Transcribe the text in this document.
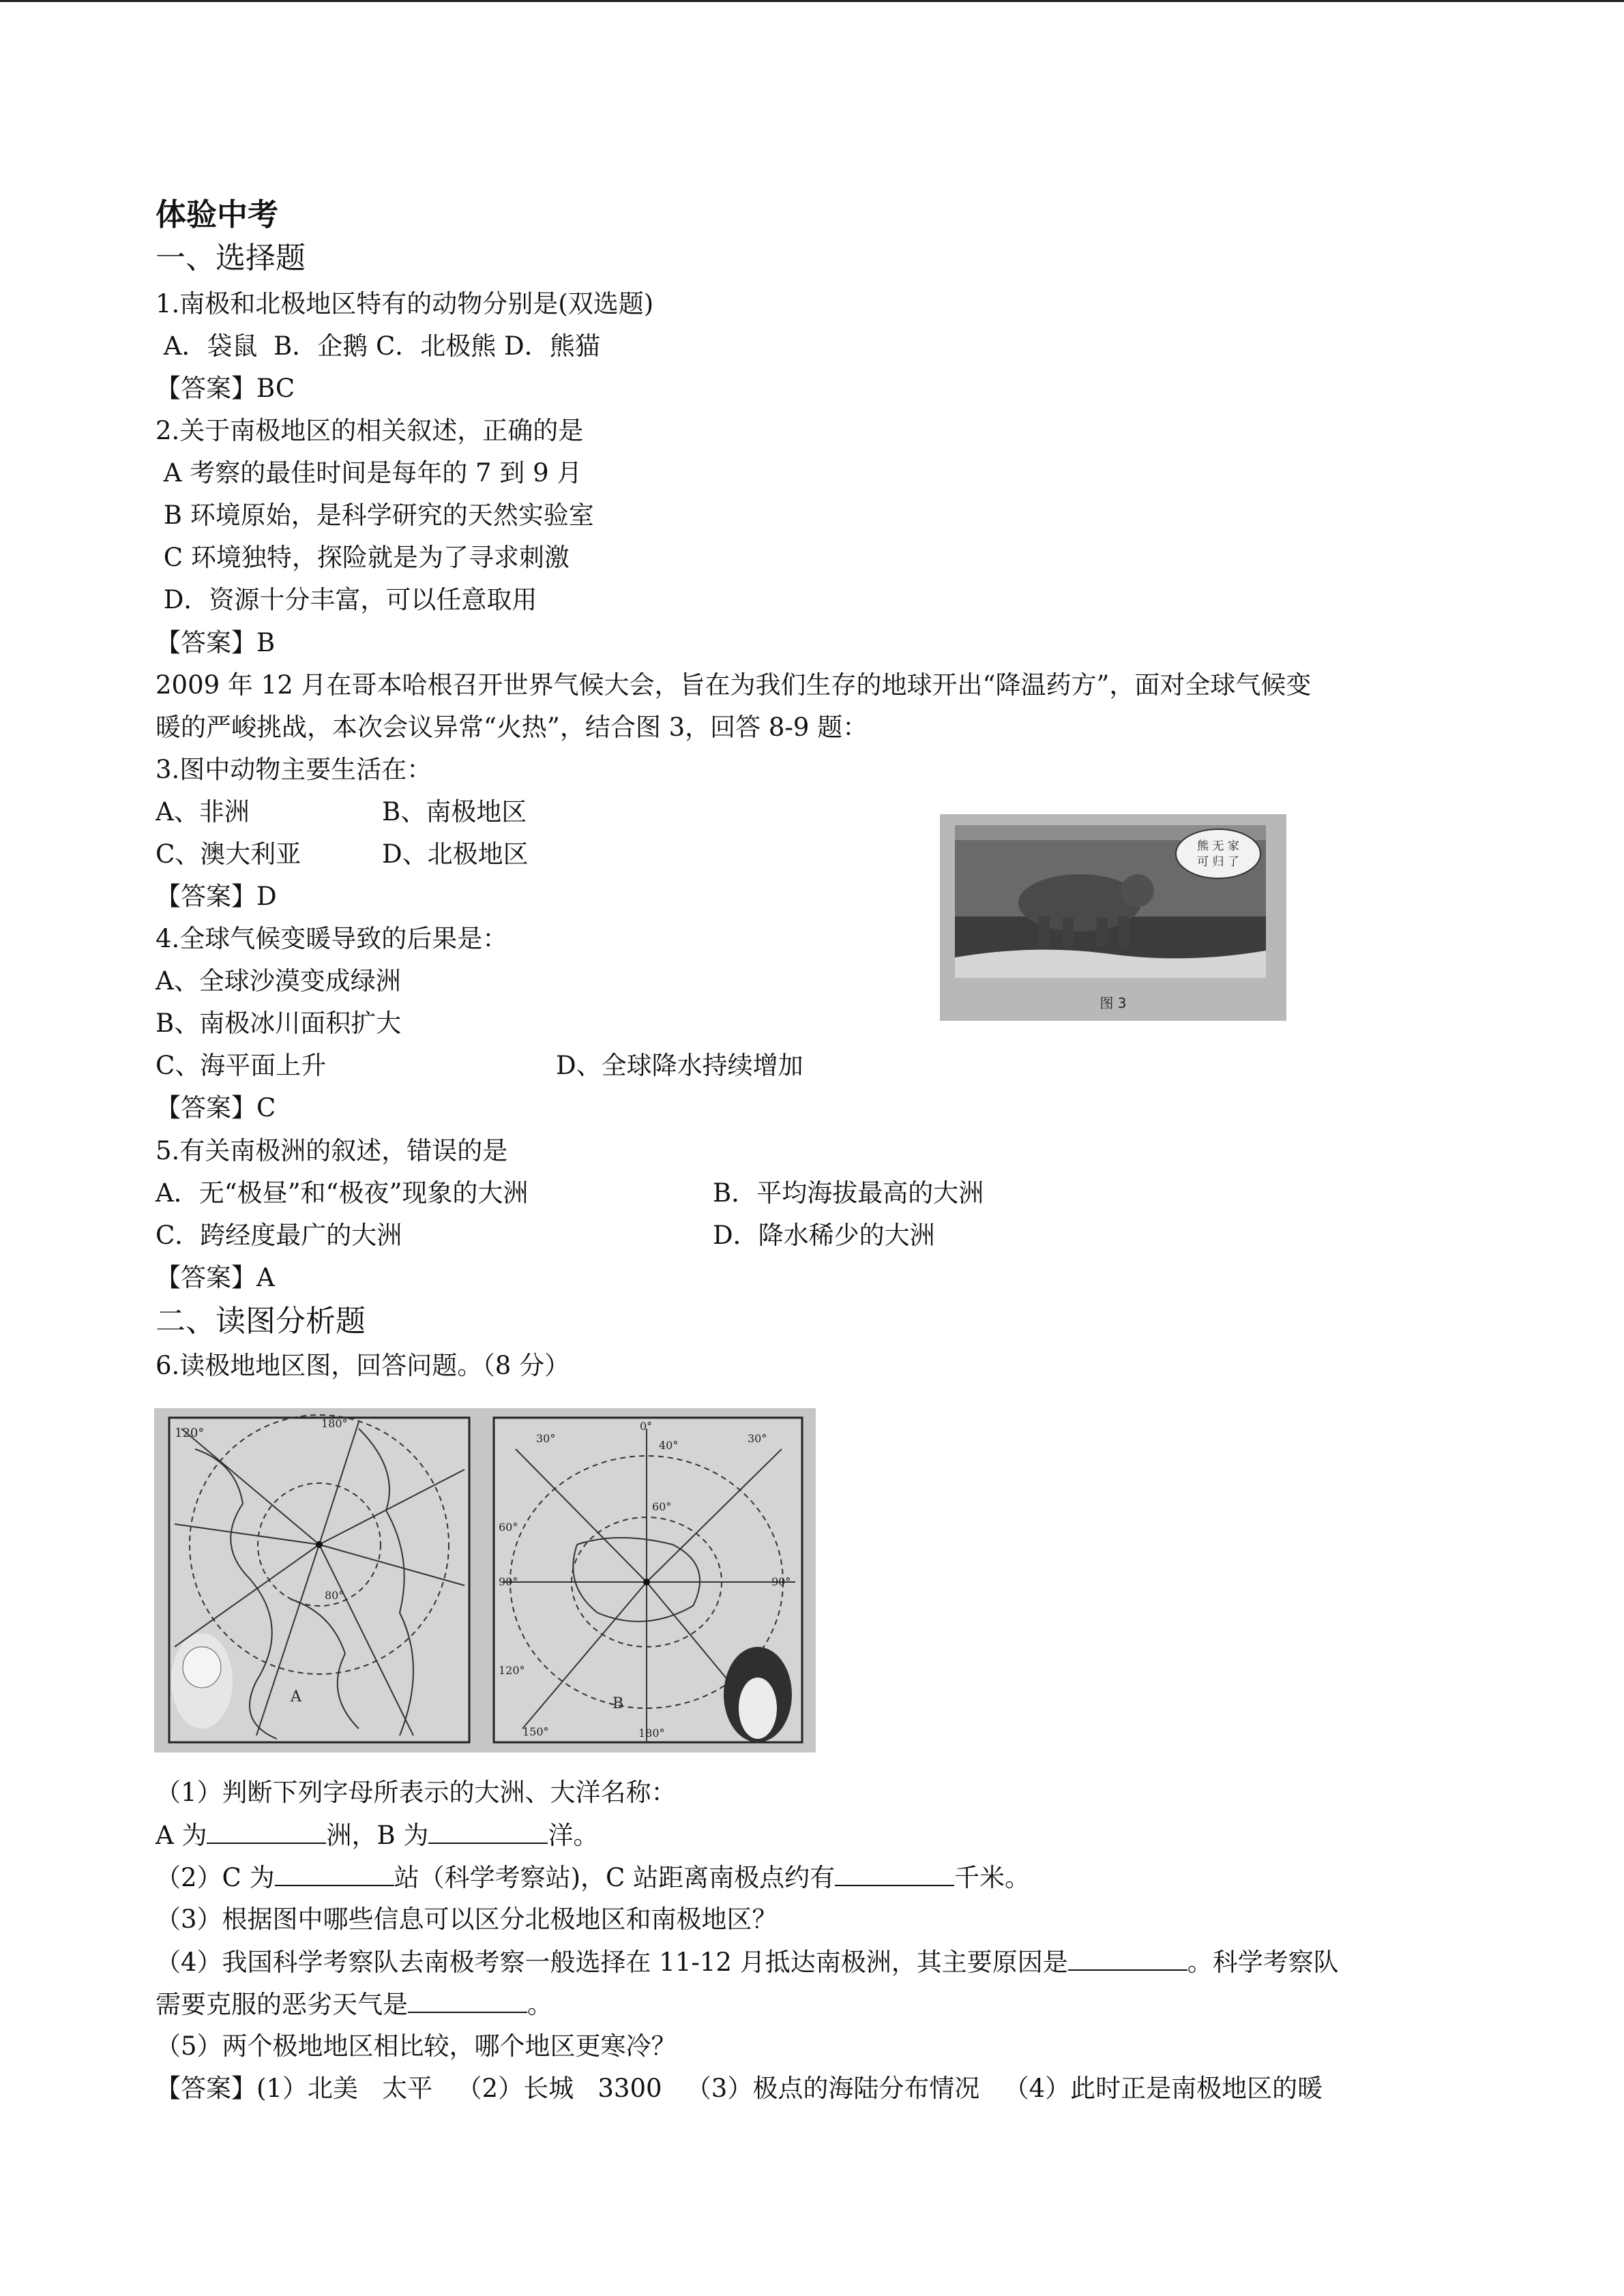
体验中考
一、选择题
1.南极和北极地区特有的动物分别是(双选题)
A．袋鼠  B．企鹅 C．北极熊 D．熊猫
【答案】BC
2.关于南极地区的相关叙述，正确的是
A 考察的最佳时间是每年的 7 到 9 月
B 环境原始，是科学研究的天然实验室
C 环境独特，探险就是为了寻求刺激
D．资源十分丰富，可以任意取用
【答案】B
2009 年 12 月在哥本哈根召开世界气候大会，旨在为我们生存的地球开出“降温药方”，面对全球气候变
暖的严峻挑战，本次会议异常“火热”，结合图 3，回答 8-9 题：
3.图中动物主要生活在：
A、非洲	B、南极地区
C、澳大利亚	D、北极地区
【答案】D
4.全球气候变暖导致的后果是：
A、全球沙漠变成绿洲
B、南极冰川面积扩大
C、海平面上升	D、全球降水持续增加
【答案】C
5.有关南极洲的叙述，错误的是
A．无“极昼”和“极夜”现象的大洲	B．平均海拔最高的大洲
C．跨经度最广的大洲	D．降水稀少的大洲
【答案】A
二、读图分析题
6.读极地地区图，回答问题。（8 分）
熊 无 家
可 归 了
图 3
120°
180°
80°
A
30°
0°
40°
30°
60°
60°
90°	90°
120°
150°	180°
B
（1）判断下列字母所表示的大洲、大洋名称：
A 为	洲，B 为	洋。
（2）C 为	站（科学考察站)，C 站距离南极点约有	千米。
（3）根据图中哪些信息可以区分北极地区和南极地区？
（4）我国科学考察队去南极考察一般选择在 11-12 月抵达南极洲，其主要原因是	。科学考察队
需要克服的恶劣天气是	。
（5）两个极地地区相比较，哪个地区更寒冷？
【答案】(1）北美   太平   （2）长城   3300   （3）极点的海陆分布情况   （4）此时正是南极地区的暖
